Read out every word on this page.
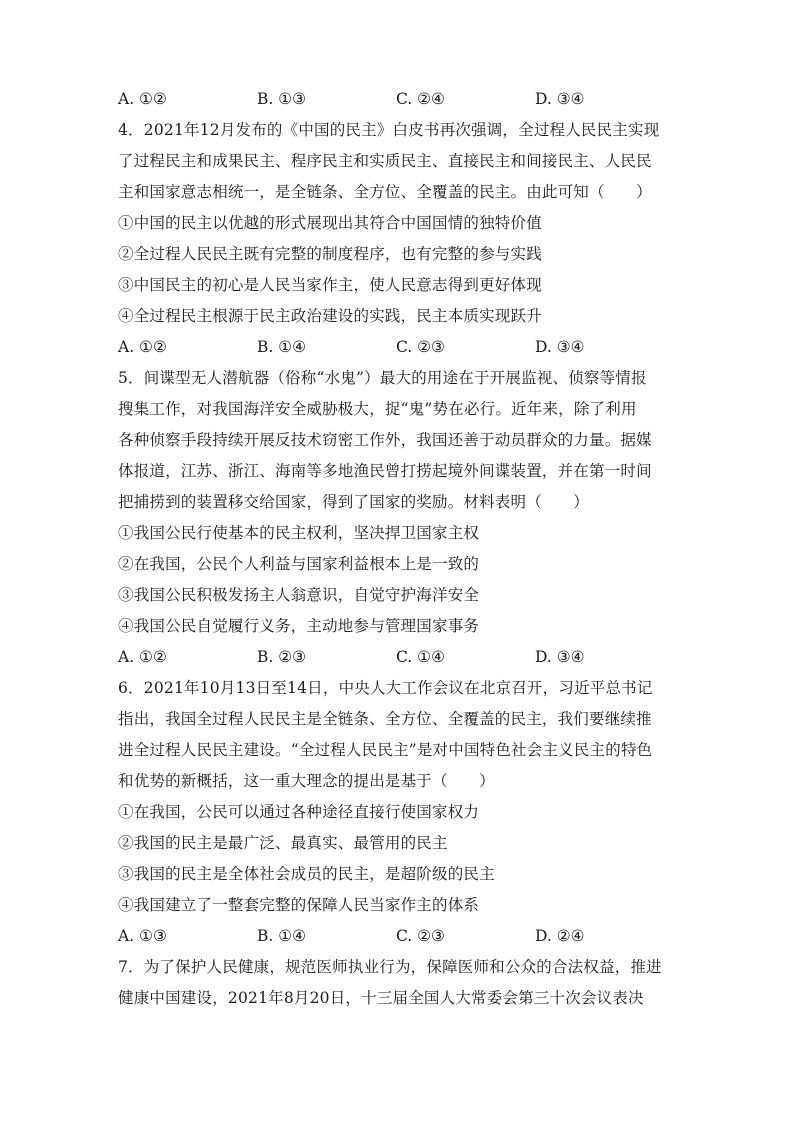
A. ①②	B. ①③	C. ②④	D. ③④
4．2021年12月发布的《中国的民主》白皮书再次强调，全过程人民民主实现
了过程民主和成果民主、程序民主和实质民主、直接民主和间接民主、人民民
主和国家意志相统一，是全链条、全方位、全覆盖的民主。由此可知（　　）
①中国的民主以优越的形式展现出其符合中国国情的独特价值
②全过程人民民主既有完整的制度程序，也有完整的参与实践
③中国民主的初心是人民当家作主，使人民意志得到更好体现
④全过程民主根源于民主政治建设的实践，民主本质实现跃升
A. ①②	B. ①④	C. ②③	D. ③④
5．间谍型无人潜航器（俗称“水鬼”）最大的用途在于开展监视、侦察等情报
搜集工作，对我国海洋安全威胁极大，捉“鬼”势在必行。近年来，除了利用
各种侦察手段持续开展反技术窃密工作外，我国还善于动员群众的力量。据媒
体报道，江苏、浙江、海南等多地渔民曾打捞起境外间谍装置，并在第一时间
把捕捞到的装置移交给国家，得到了国家的奖励。材料表明（　　）
①我国公民行使基本的民主权利，坚决捍卫国家主权
②在我国，公民个人利益与国家利益根本上是一致的
③我国公民积极发扬主人翁意识，自觉守护海洋安全
④我国公民自觉履行义务，主动地参与管理国家事务
A. ①②	B. ②③	C. ①④	D. ③④
6．2021年10月13日至14日，中央人大工作会议在北京召开，习近平总书记
指出，我国全过程人民民主是全链条、全方位、全覆盖的民主，我们要继续推
进全过程人民民主建设。“全过程人民民主”是对中国特色社会主义民主的特色
和优势的新概括，这一重大理念的提出是基于（　　）
①在我国，公民可以通过各种途径直接行使国家权力
②我国的民主是最广泛、最真实、最管用的民主
③我国的民主是全体社会成员的民主，是超阶级的民主
④我国建立了一整套完整的保障人民当家作主的体系
A. ①③	B. ①④	C. ②③	D. ②④
7．为了保护人民健康，规范医师执业行为，保障医师和公众的合法权益，推进
健康中国建设，2021年8月20日，十三届全国人大常委会第三十次会议表决
